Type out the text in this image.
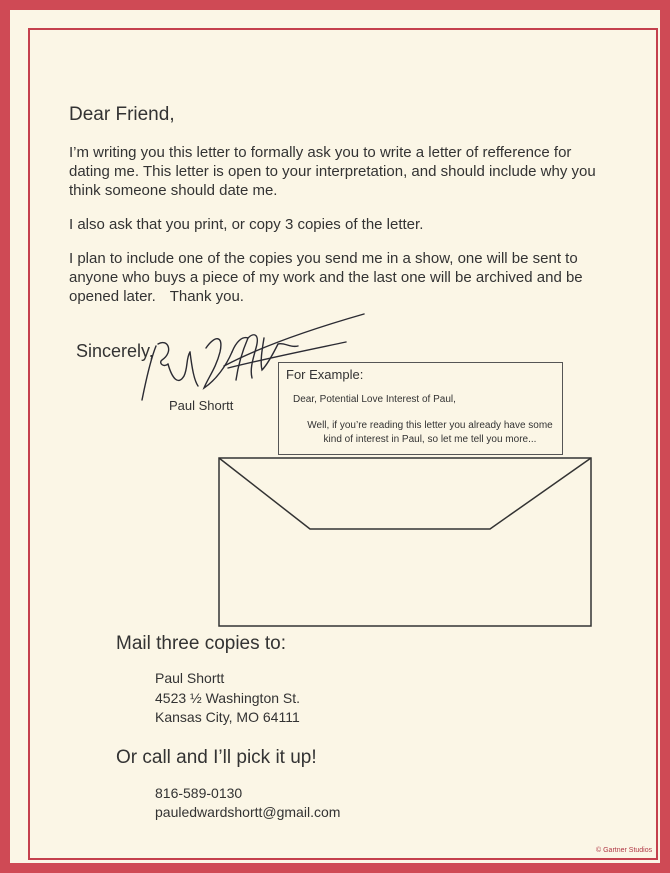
Dear Friend,
I’m writing you this letter to formally ask you to write a letter of refference for dating me. This letter is open to your interpretation, and should include why you think someone should date me.
I also ask that you print, or copy 3 copies of the letter.
I plan to include one of the copies you send me in a show, one will be sent to anyone who buys a piece of my work and the last one will be archived and be opened later. Thank you.
Sincerely,
Paul Shortt
For Example:
Dear, Potential Love Interest of Paul,
Well, if you’re reading this letter you already have some kind of interest in Paul, so let me tell you more...
Mail three copies to:
Paul Shortt
4523 ½ Washington St.
Kansas City, MO 64111
Or call and I’ll pick it up!
816-589-0130
pauledwardshortt@gmail.com
© Gartner Studios
